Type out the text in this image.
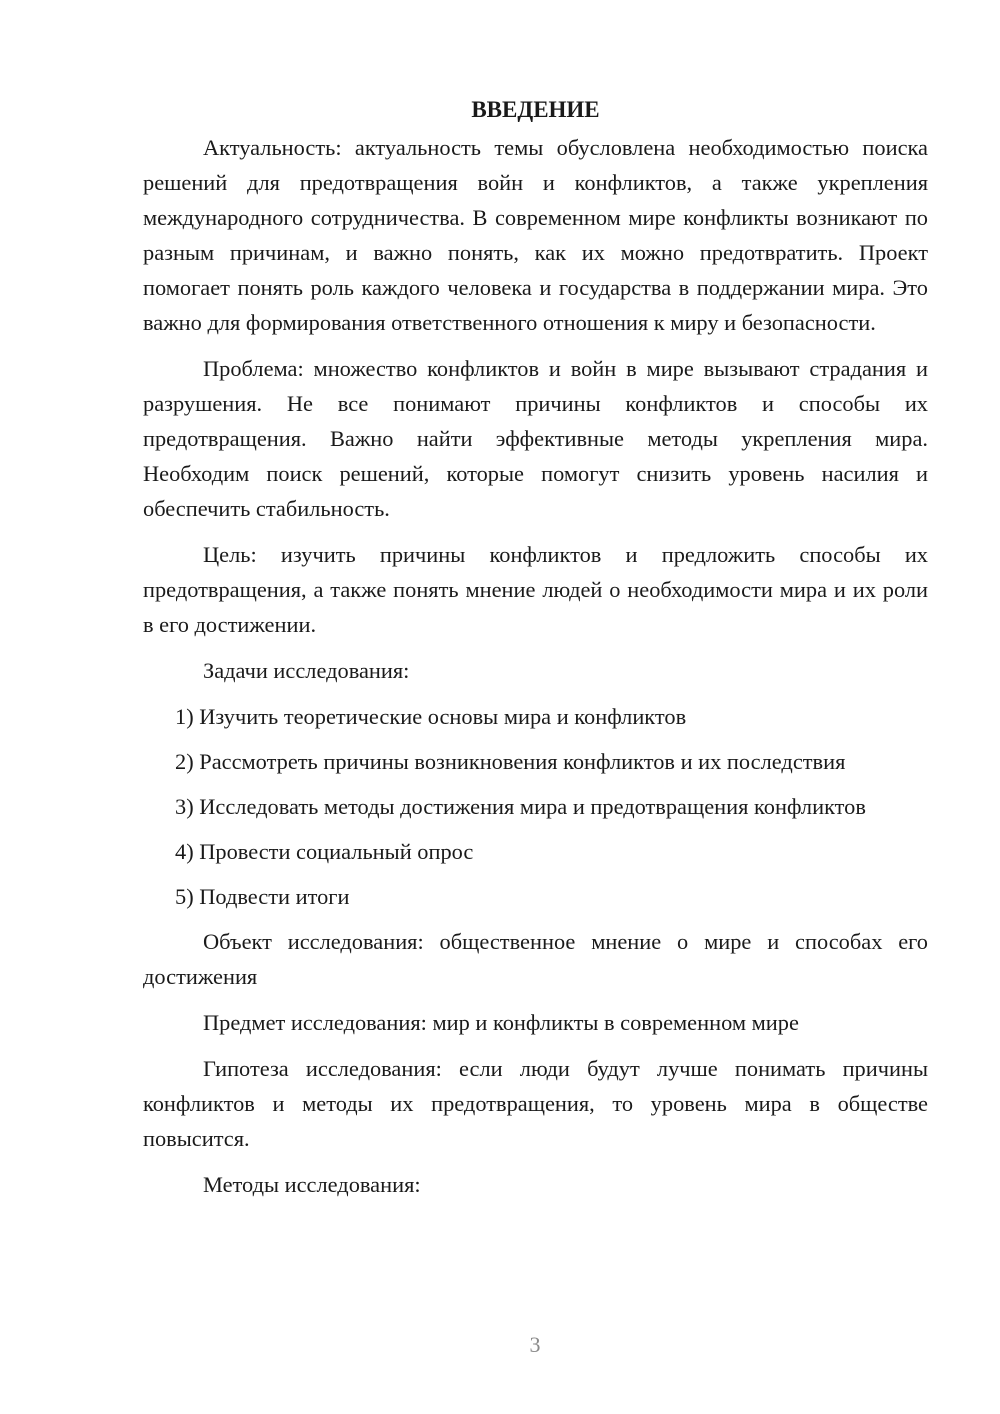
ВВЕДЕНИЕ

Актуальность: актуальность темы обусловлена необходимостью поиска решений для предотвращения войн и конфликтов, а также укрепления международного сотрудничества. В современном мире конфликты возникают по разным причинам, и важно понять, как их можно предотвратить. Проект помогает понять роль каждого человека и государства в поддержании мира. Это важно для формирования ответственного отношения к миру и безопасности.

Проблема: множество конфликтов и войн в мире вызывают страдания и разрушения. Не все понимают причины конфликтов и способы их предотвращения. Важно найти эффективные методы укрепления мира. Необходим поиск решений, которые помогут снизить уровень насилия и обеспечить стабильность.

Цель: изучить причины конфликтов и предложить способы их предотвращения, а также понять мнение людей о необходимости мира и их роли в его достижении.

Задачи исследования:

1) Изучить теоретические основы мира и конфликтов

2) Рассмотреть причины возникновения конфликтов и их последствия

3) Исследовать методы достижения мира и предотвращения конфликтов

4) Провести социальный опрос

5) Подвести итоги

Объект исследования: общественное мнение о мире и способах его достижения

Предмет исследования: мир и конфликты в современном мире

Гипотеза исследования: если люди будут лучше понимать причины конфликтов и методы их предотвращения, то уровень мира в обществе повысится.

Методы исследования:

3
